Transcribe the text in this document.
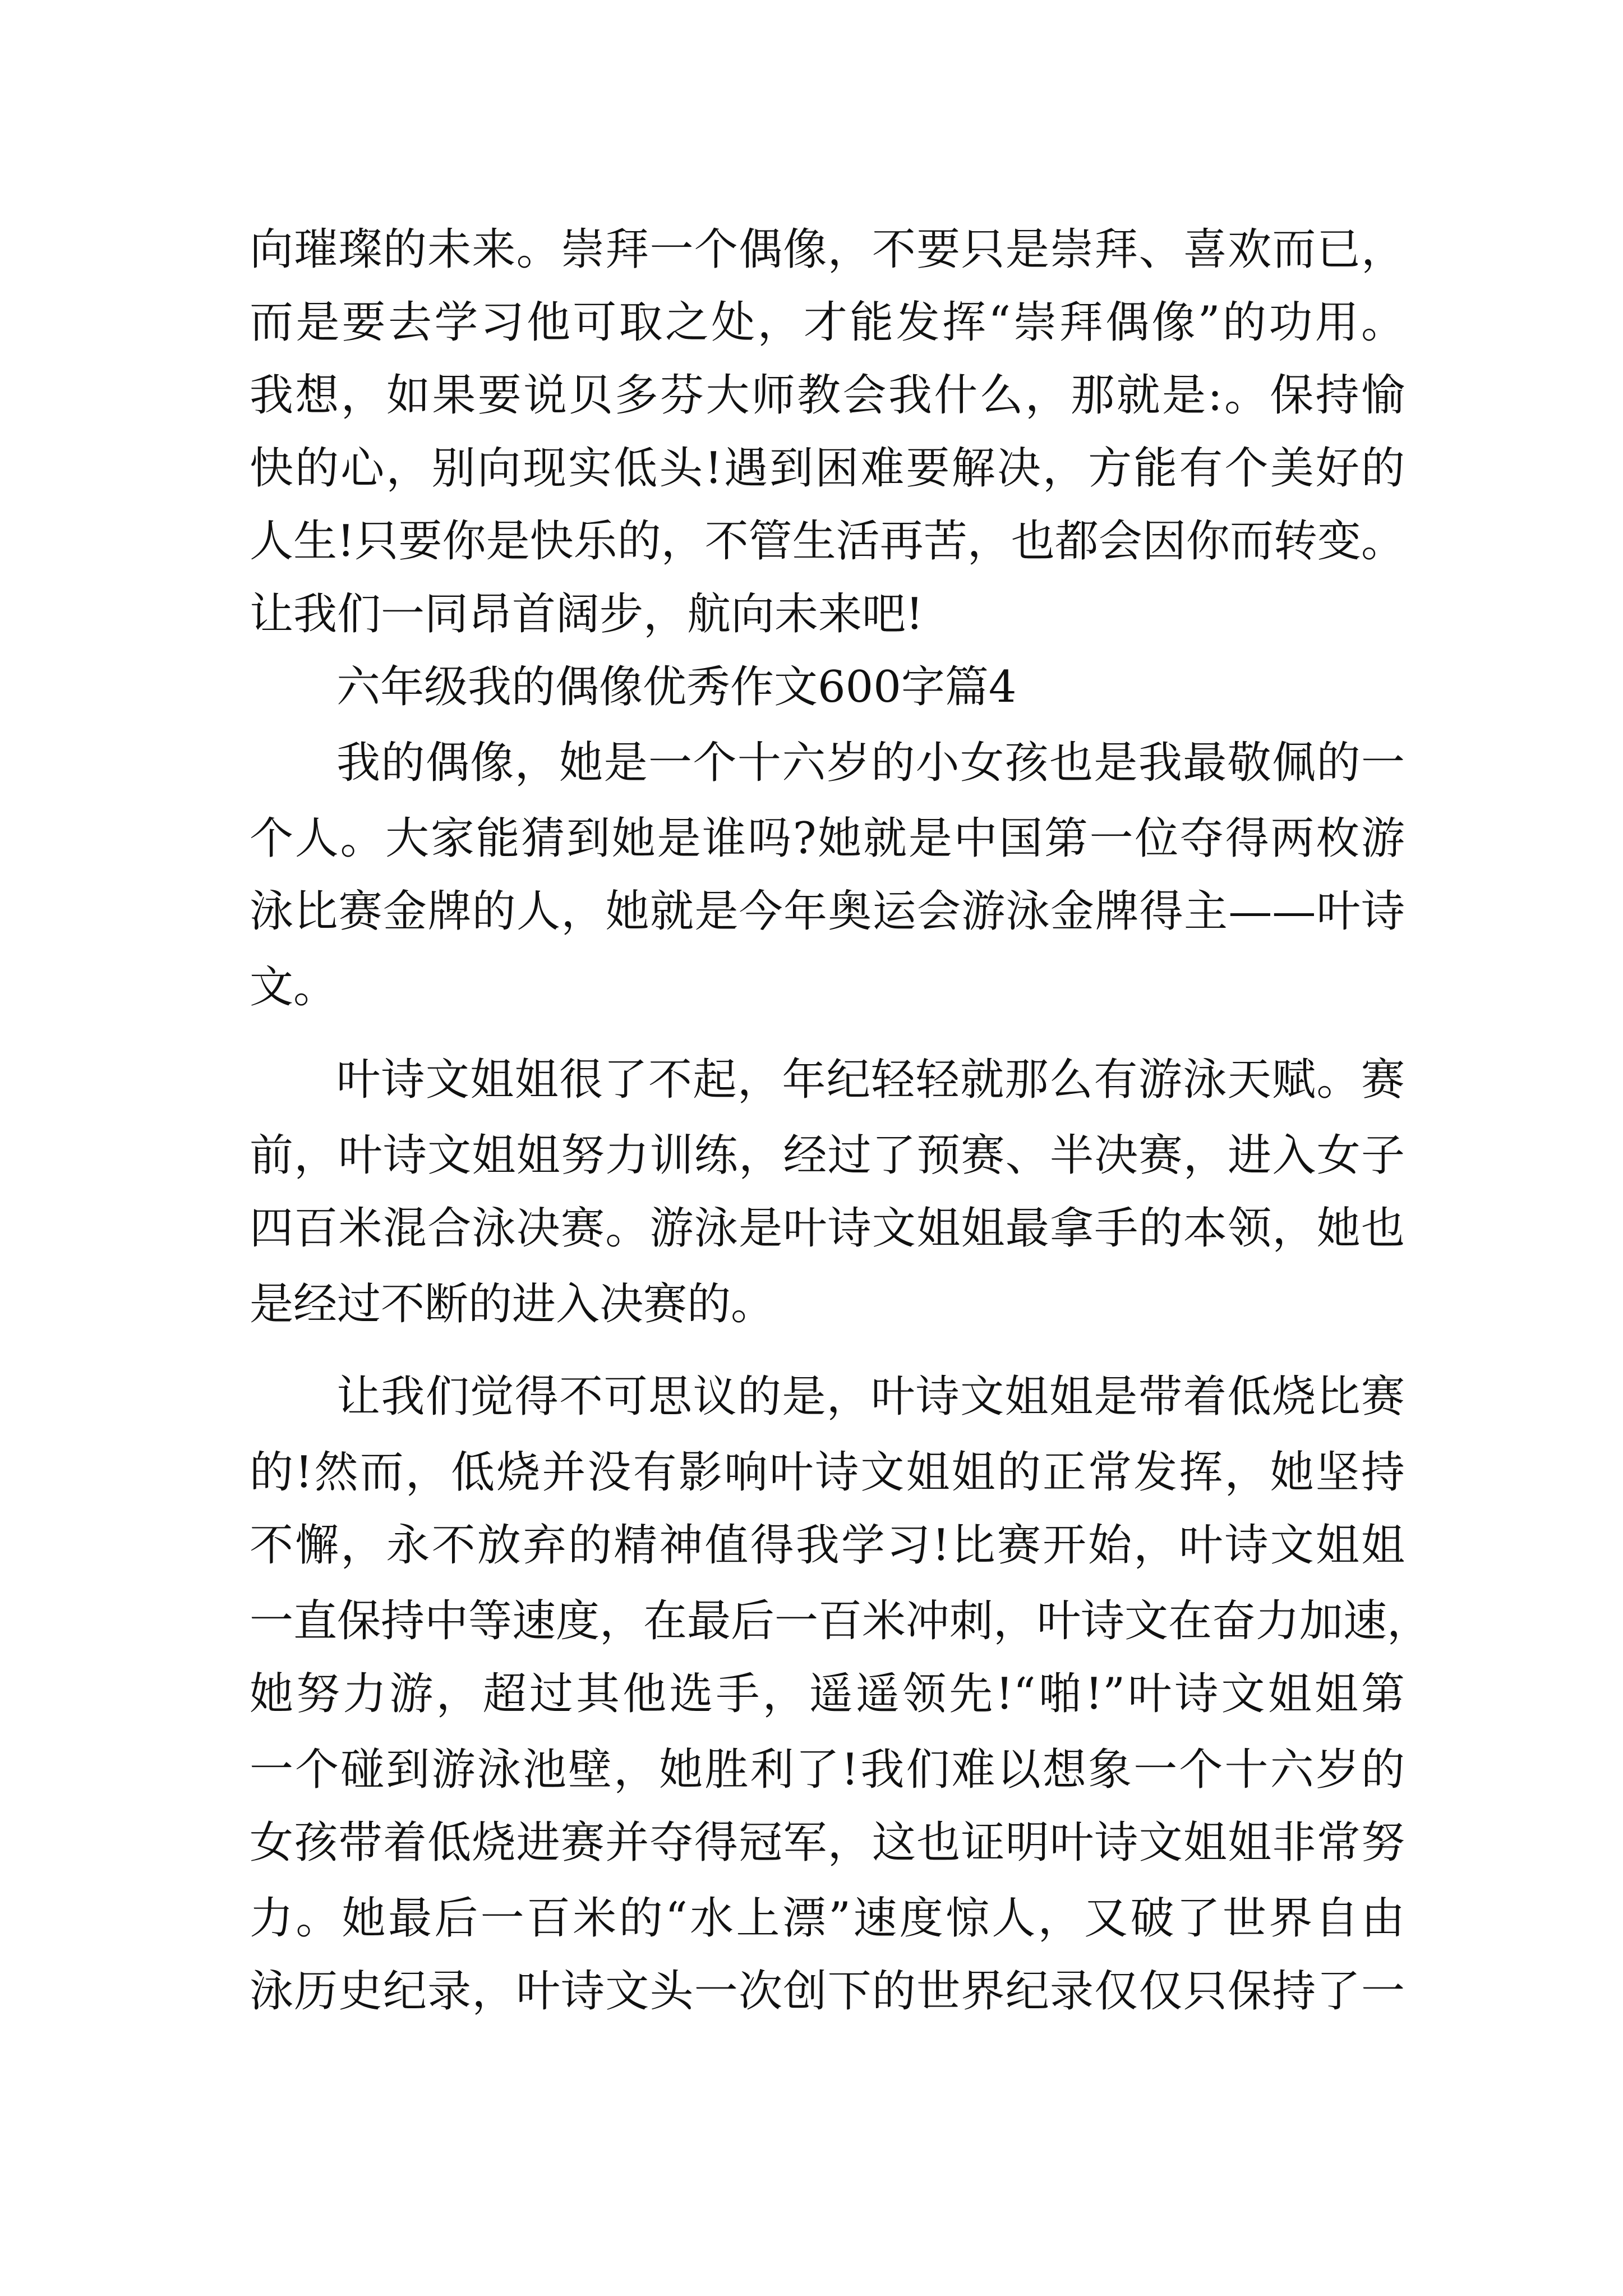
向璀璨的未来。崇拜一个偶像，不要只是崇拜、喜欢而已，
而是要去学习他可取之处，才能发挥“崇拜偶像”的功用。
我想，如果要说贝多芬大师教会我什么，那就是:。保持愉
快的心，别向现实低头!遇到困难要解决，方能有个美好的
人生!只要你是快乐的，不管生活再苦，也都会因你而转变。
让我们一同昂首阔步，航向未来吧!
六年级我的偶像优秀作文600字篇4
我的偶像，她是一个十六岁的小女孩也是我最敬佩的一
个人。大家能猜到她是谁吗?她就是中国第一位夺得两枚游
泳比赛金牌的人，她就是今年奥运会游泳金牌得主——叶诗
文。
叶诗文姐姐很了不起，年纪轻轻就那么有游泳天赋。赛
前，叶诗文姐姐努力训练，经过了预赛、半决赛，进入女子
四百米混合泳决赛。游泳是叶诗文姐姐最拿手的本领，她也
是经过不断的进入决赛的。
让我们觉得不可思议的是，叶诗文姐姐是带着低烧比赛
的!然而，低烧并没有影响叶诗文姐姐的正常发挥，她坚持
不懈，永不放弃的精神值得我学习!比赛开始，叶诗文姐姐
一直保持中等速度，在最后一百米冲刺，叶诗文在奋力加速，
她努力游，超过其他选手，遥遥领先!“啪!”叶诗文姐姐第
一个碰到游泳池壁，她胜利了!我们难以想象一个十六岁的
女孩带着低烧进赛并夺得冠军，这也证明叶诗文姐姐非常努
力。她最后一百米的“水上漂”速度惊人，又破了世界自由
泳历史纪录，叶诗文头一次创下的世界纪录仅仅只保持了一
